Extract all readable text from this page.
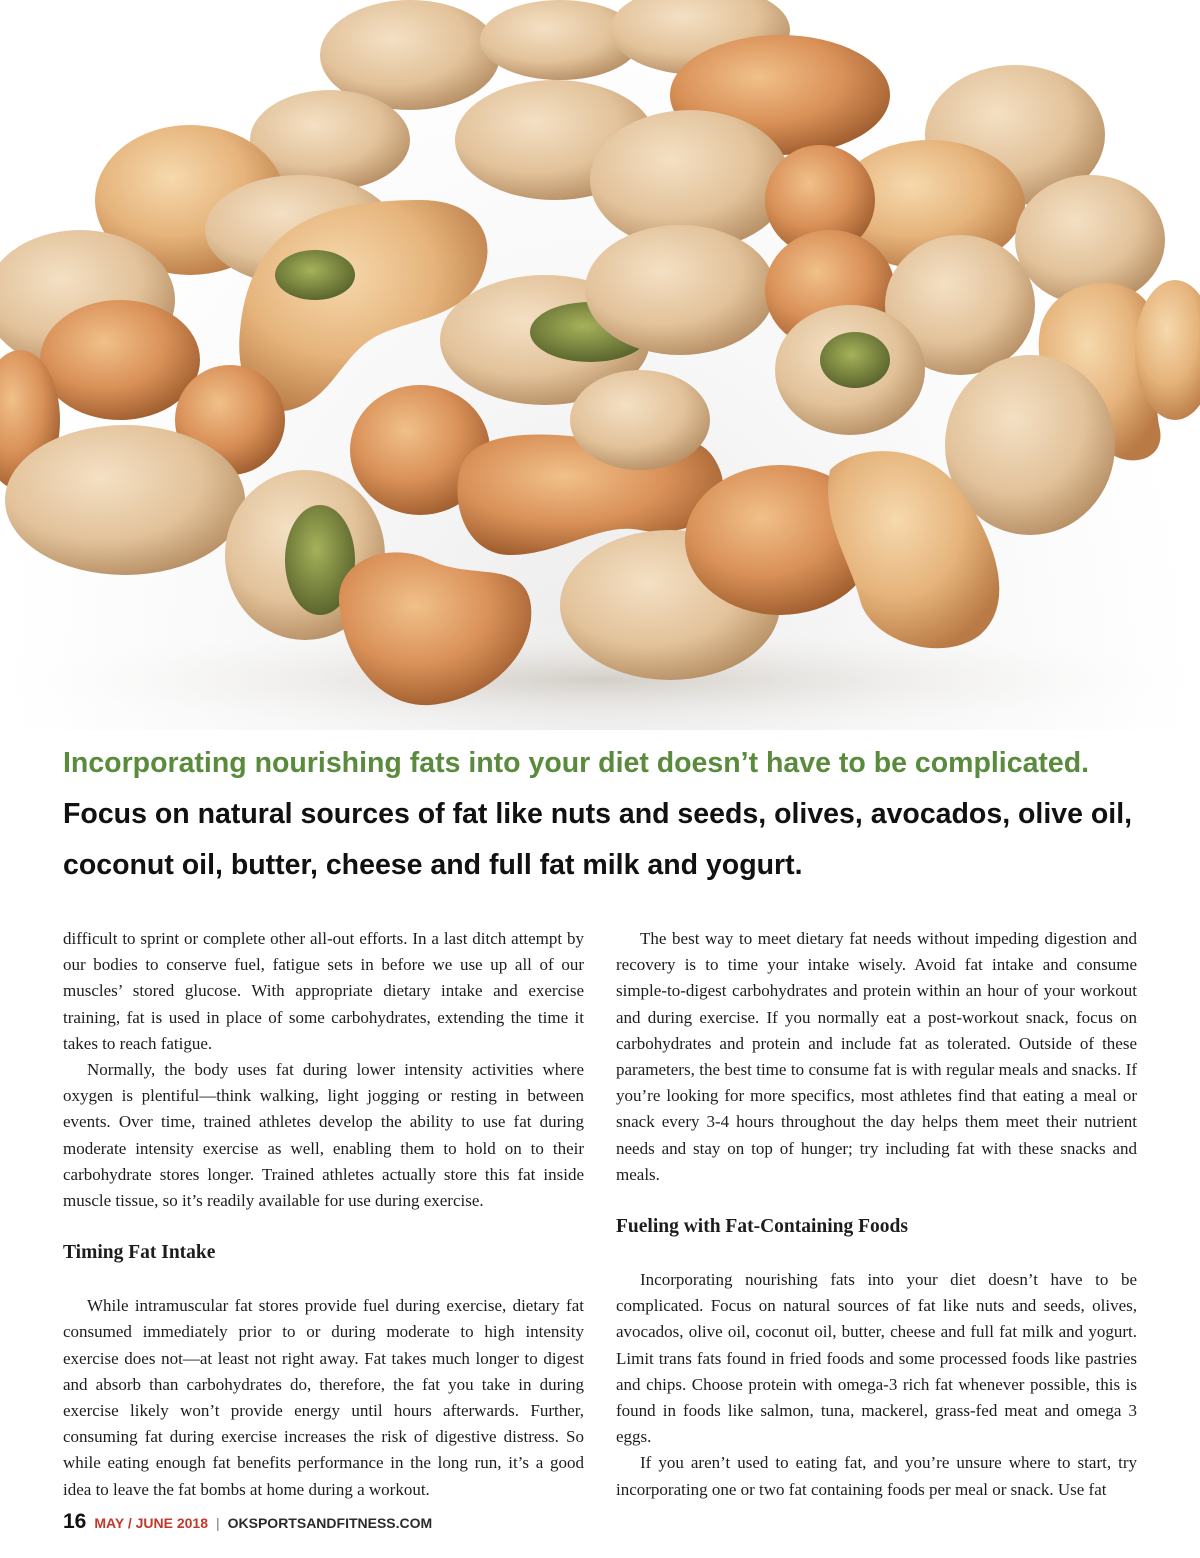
Incorporating nourishing fats into your diet doesn’t have to be complicated.
Focus on natural sources of fat like nuts and seeds, olives, avocados, olive oil, coconut oil, butter, cheese and full fat milk and yogurt.

difficult to sprint or complete other all-out efforts. In a last ditch attempt by our bodies to conserve fuel, fatigue sets in before we use up all of our muscles’ stored glucose. With appropriate dietary intake and exercise training, fat is used in place of some carbohydrates, extending the time it takes to reach fatigue.

Normally, the body uses fat during lower intensity activities where oxygen is plentiful—think walking, light jogging or resting in between events. Over time, trained athletes develop the ability to use fat during moderate intensity exercise as well, enabling them to hold on to their carbohydrate stores longer. Trained athletes actually store this fat inside muscle tissue, so it’s readily available for use during exercise.

Timing Fat Intake

While intramuscular fat stores provide fuel during exercise, dietary fat consumed immediately prior to or during moderate to high intensity exercise does not—at least not right away. Fat takes much longer to digest and absorb than carbohydrates do, therefore, the fat you take in during exercise likely won’t provide energy until hours afterwards. Further, consuming fat during exercise increases the risk of digestive distress. So while eating enough fat benefits performance in the long run, it’s a good idea to leave the fat bombs at home during a workout.

The best way to meet dietary fat needs without impeding digestion and recovery is to time your intake wisely. Avoid fat intake and consume simple-to-digest carbohydrates and protein within an hour of your workout and during exercise. If you normally eat a post-workout snack, focus on carbohydrates and protein and include fat as tolerated. Outside of these parameters, the best time to consume fat is with regular meals and snacks. If you’re looking for more specifics, most athletes find that eating a meal or snack every 3-4 hours throughout the day helps them meet their nutrient needs and stay on top of hunger; try including fat with these snacks and meals.

Fueling with Fat-Containing Foods

Incorporating nourishing fats into your diet doesn’t have to be complicated. Focus on natural sources of fat like nuts and seeds, olives, avocados, olive oil, coconut oil, butter, cheese and full fat milk and yogurt. Limit trans fats found in fried foods and some processed foods like pastries and chips. Choose protein with omega-3 rich fat whenever possible, this is found in foods like salmon, tuna, mackerel, grass-fed meat and omega 3 eggs.

If you aren’t used to eating fat, and you’re unsure where to start, try incorporating one or two fat containing foods per meal or snack. Use fat

16 MAY / JUNE 2018 | OKSPORTSANDFITNESS.COM
